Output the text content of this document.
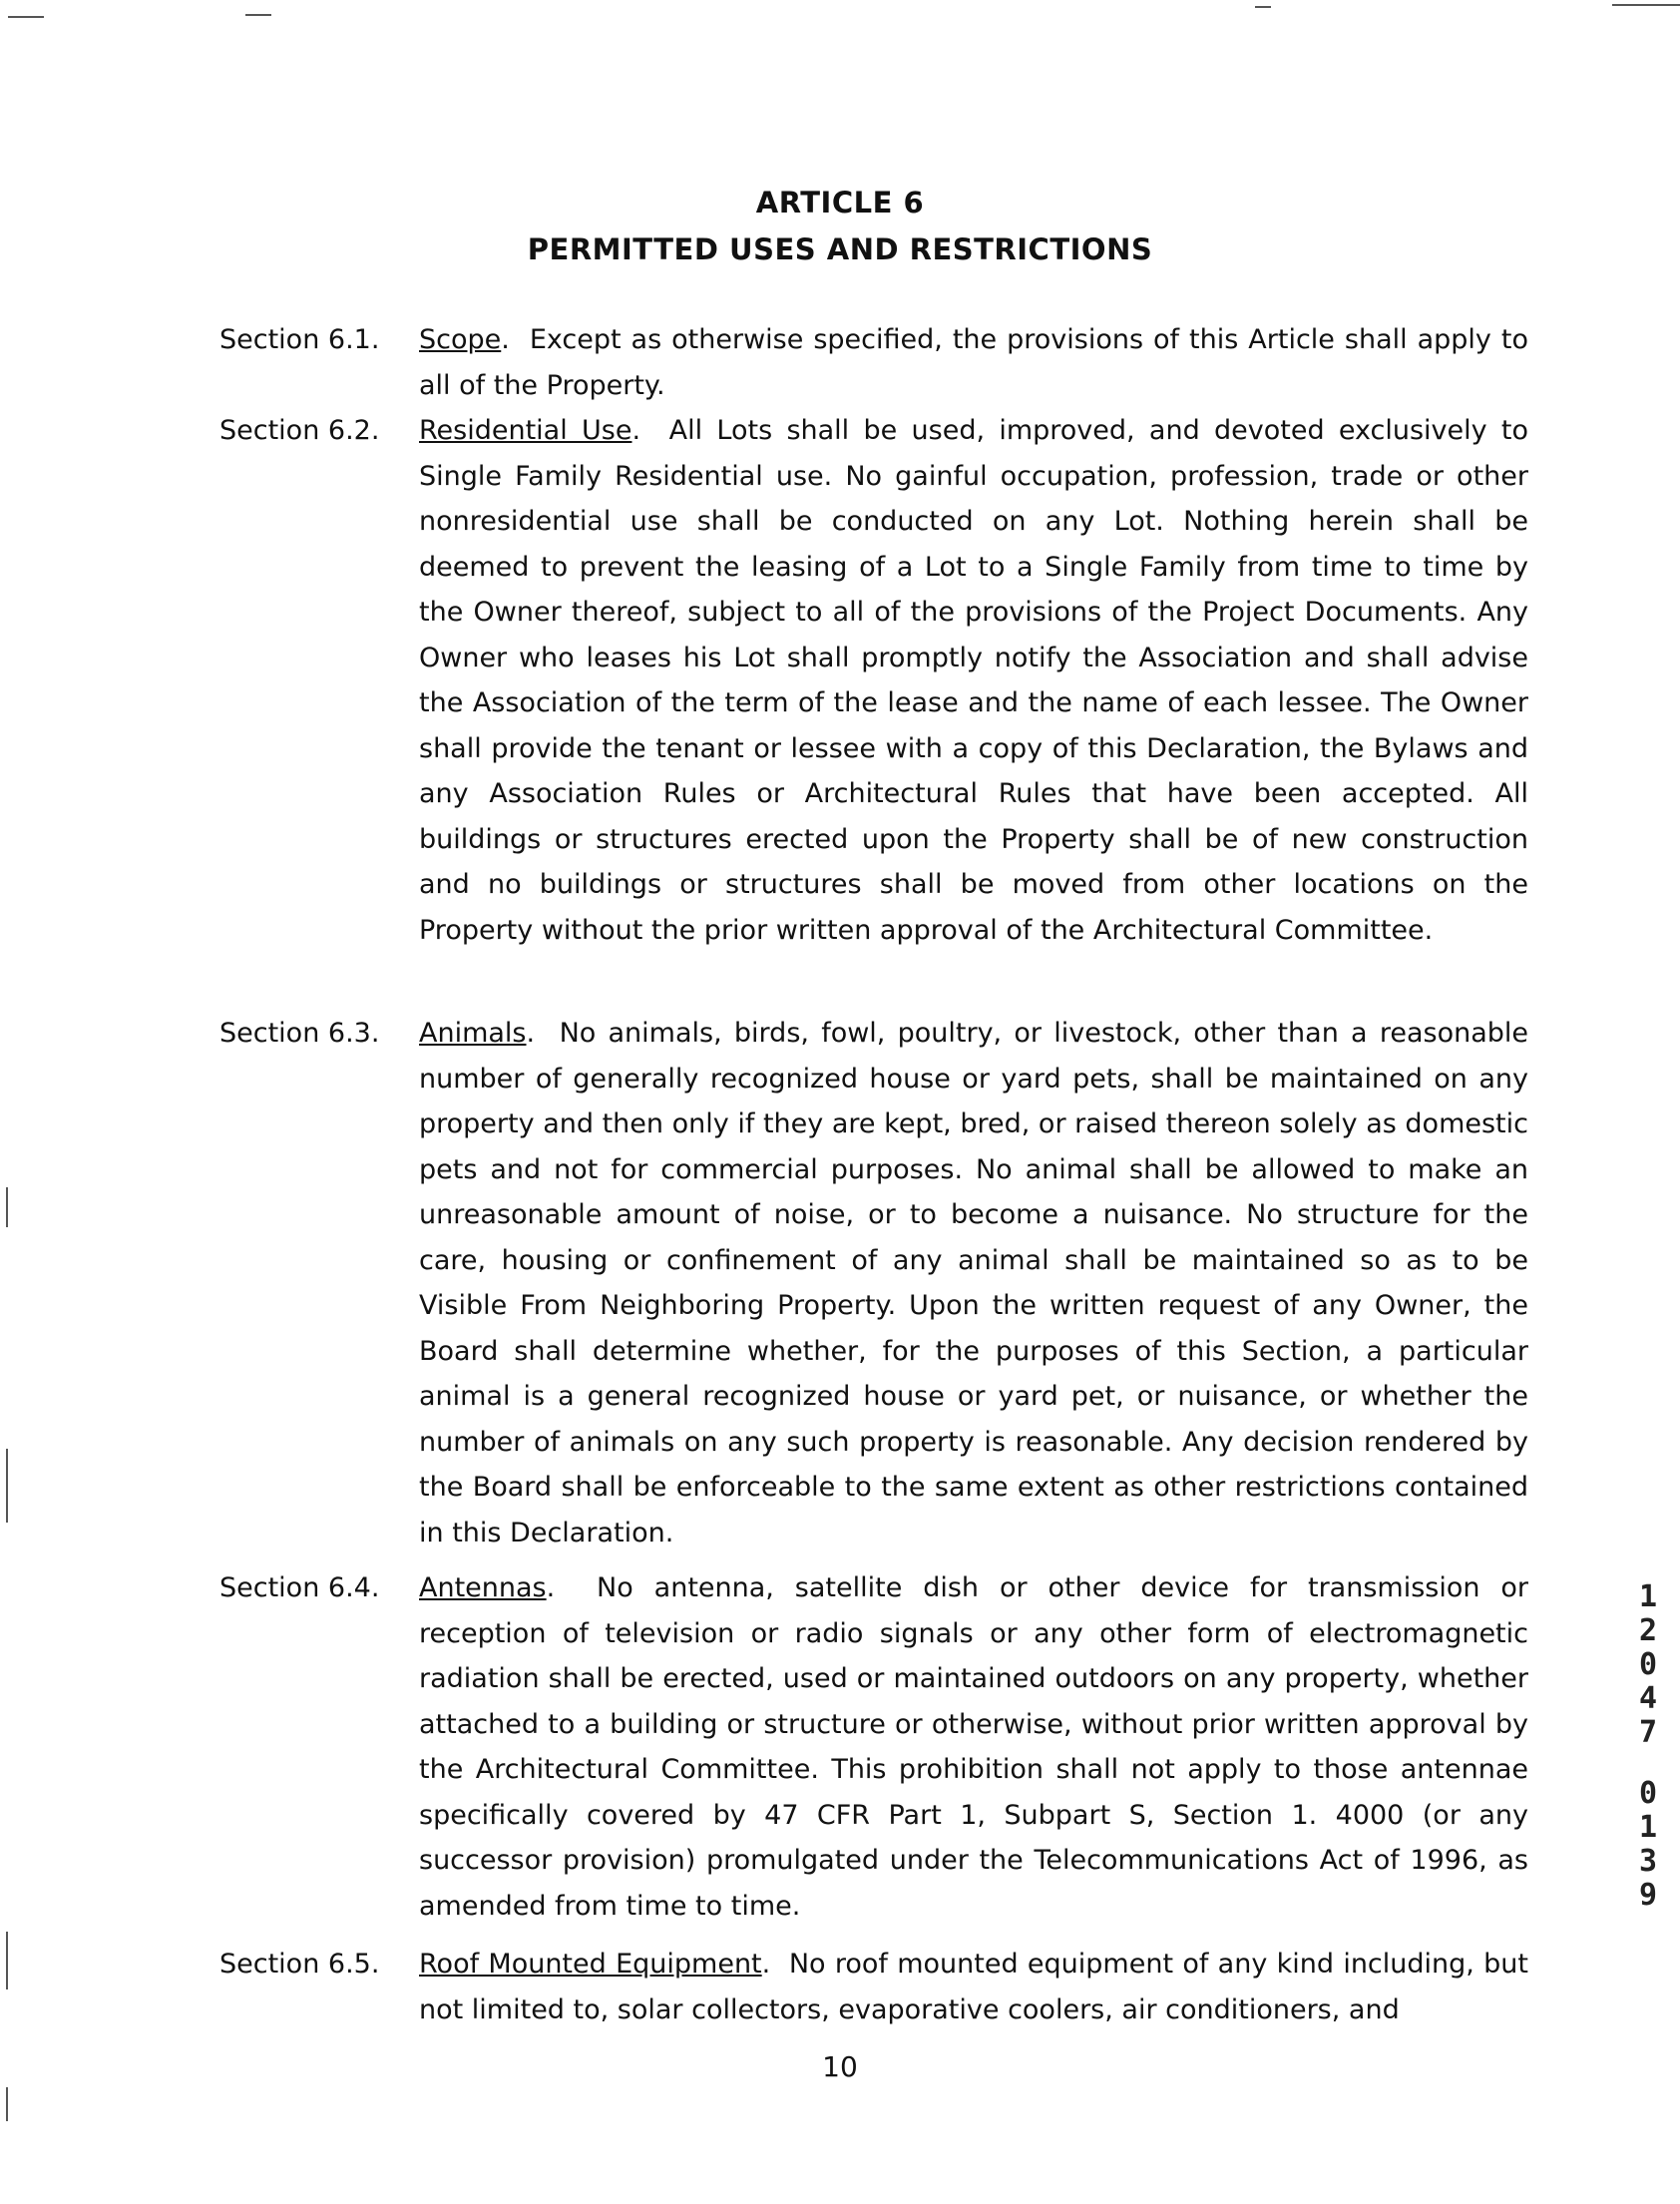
ARTICLE 6
PERMITTED USES AND RESTRICTIONS
Section 6.1. Scope.  Except as otherwise specified, the provisions of this Article shall apply to all of the Property.
Section 6.2. Residential Use.  All Lots shall be used, improved, and devoted exclusively to Single Family Residential use. No gainful occupation, profession, trade or other nonresidential use shall be conducted on any Lot. Nothing herein shall be deemed to prevent the leasing of a Lot to a Single Family from time to time by the Owner thereof, subject to all of the provisions of the Project Documents. Any Owner who leases his Lot shall promptly notify the Association and shall advise the Association of the term of the lease and the name of each lessee. The Owner shall provide the tenant or lessee with a copy of this Declaration, the Bylaws and any Association Rules or Architectural Rules that have been accepted. All buildings or structures erected upon the Property shall be of new construction and no buildings or structures shall be moved from other locations on the Property without the prior written approval of the Architectural Committee.
Section 6.3. Animals.  No animals, birds, fowl, poultry, or livestock, other than a reasonable number of generally recognized house or yard pets, shall be maintained on any property and then only if they are kept, bred, or raised thereon solely as domestic pets and not for commercial purposes. No animal shall be allowed to make an unreasonable amount of noise, or to become a nuisance. No structure for the care, housing or confinement of any animal shall be maintained so as to be Visible From Neighboring Property. Upon the written request of any Owner, the Board shall determine whether, for the purposes of this Section, a particular animal is a general recognized house or yard pet, or nuisance, or whether the number of animals on any such property is reasonable. Any decision rendered by the Board shall be enforceable to the same extent as other restrictions contained in this Declaration.
Section 6.4. Antennas.  No antenna, satellite dish or other device for transmission or reception of television or radio signals or any other form of electromagnetic radiation shall be erected, used or maintained outdoors on any property, whether attached to a building or structure or otherwise, without prior written approval by the Architectural Committee. This prohibition shall not apply to those antennae specifically covered by 47 CFR Part 1, Subpart S, Section 1. 4000 (or any successor provision) promulgated under the Telecommunications Act of 1996, as amended from time to time.
Section 6.5. Roof Mounted Equipment.  No roof mounted equipment of any kind including, but not limited to, solar collectors, evaporative coolers, air conditioners, and
10
1
2
0
4
7
0
1
3
9
